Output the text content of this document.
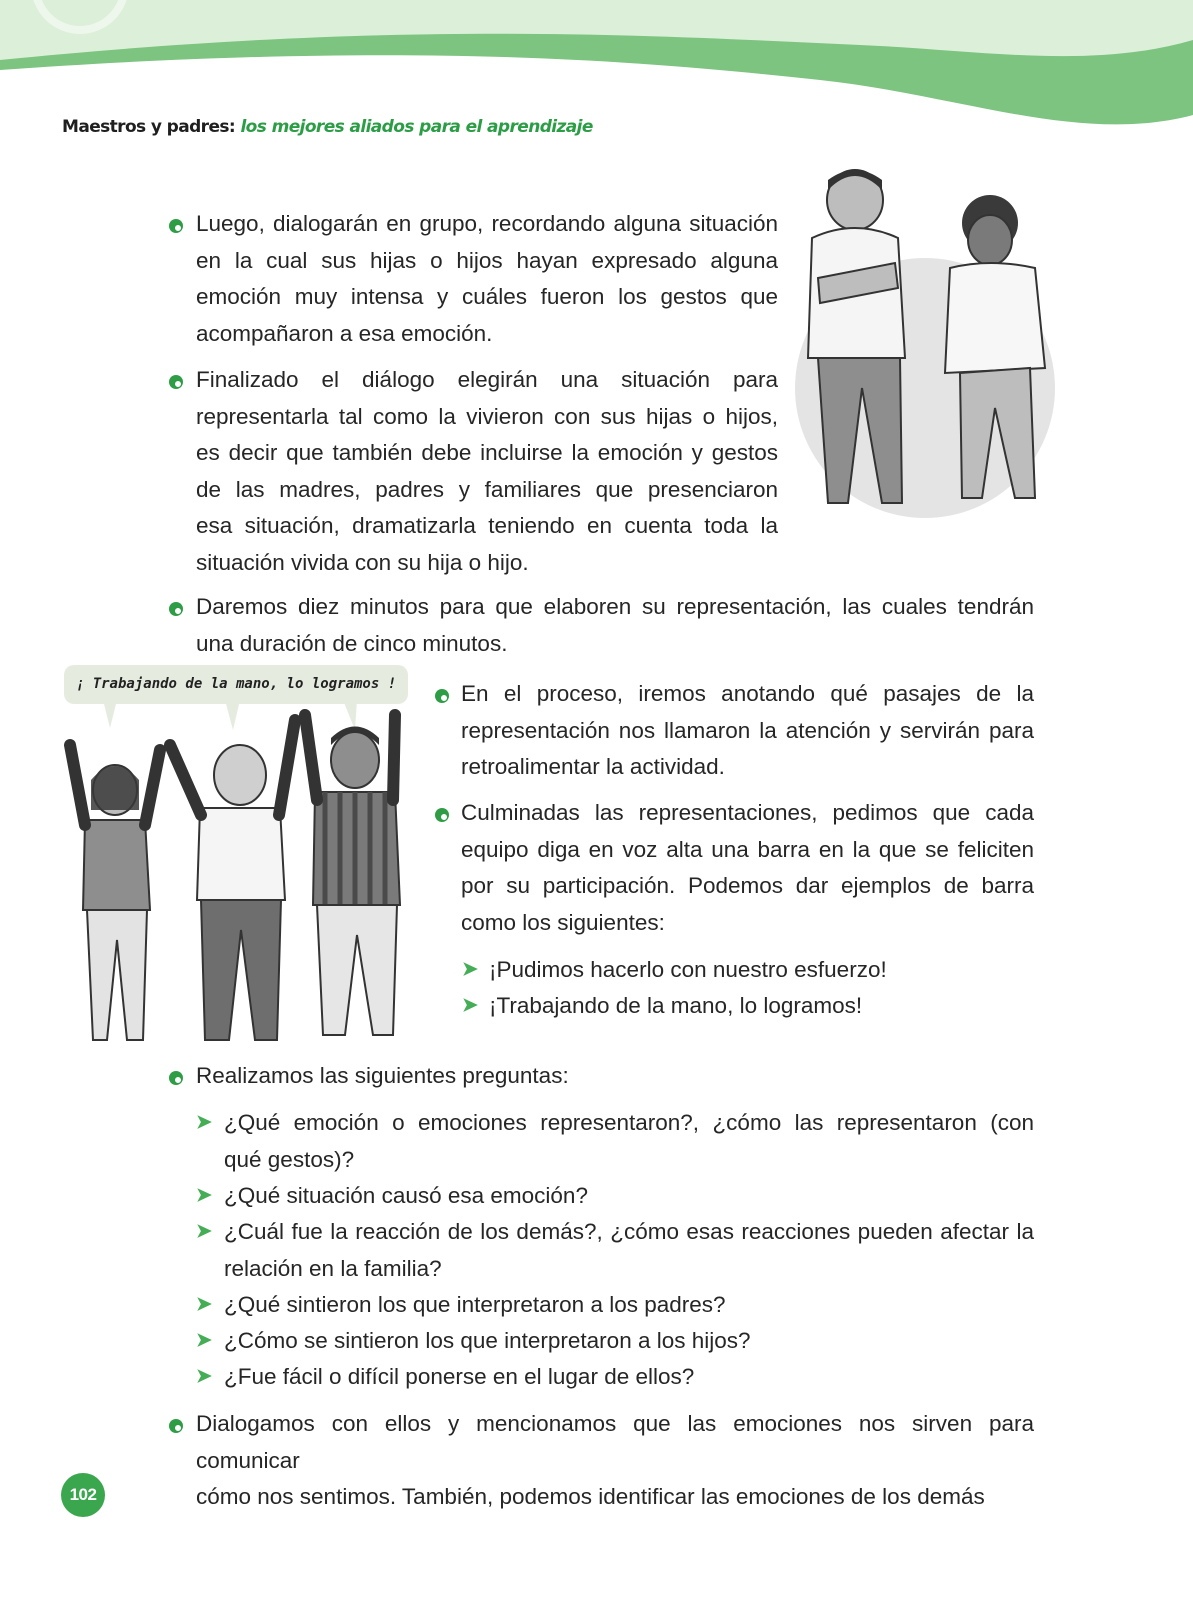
Maestros y padres: los mejores aliados para el aprendizaje
¡ Trabajando de la mano, lo logramos !
Luego, dialogarán en grupo, recordando alguna situación
en la cual sus hijas o hijos hayan expresado alguna
emoción muy intensa y cuáles fueron los gestos que
acompañaron a esa emoción.
Finalizado el diálogo elegirán una situación para
representarla tal como la vivieron con sus hijas o hijos,
es decir que también debe incluirse la emoción y gestos
de las madres, padres y familiares que presenciaron
esa situación, dramatizarla teniendo en cuenta toda la
situación vivida con su hija o hijo.
Daremos diez minutos para que elaboren su representación, las cuales tendrán
una duración de cinco minutos.
En el proceso, iremos anotando qué pasajes de la
representación nos llamaron la atención y servirán para
retroalimentar la actividad.
Culminadas las representaciones, pedimos que cada
equipo diga en voz alta una barra en la que se feliciten
por su participación. Podemos dar ejemplos de barra
como los siguientes:
➤ ¡Pudimos hacerlo con nuestro esfuerzo!
➤ ¡Trabajando de la mano, lo logramos!
Realizamos las siguientes preguntas:
➤ ¿Qué emoción o emociones representaron?, ¿cómo las representaron (con
qué gestos)?
➤ ¿Qué situación causó esa emoción?
➤ ¿Cuál fue la reacción de los demás?, ¿cómo esas reacciones pueden afectar la
relación en la familia?
➤ ¿Qué sintieron los que interpretaron a los padres?
➤ ¿Cómo se sintieron los que interpretaron a los hijos?
➤ ¿Fue fácil o difícil ponerse en el lugar de ellos?
Dialogamos con ellos y mencionamos que las emociones nos sirven para comunicar
cómo nos sentimos. También, podemos identificar las emociones de los demás
102
